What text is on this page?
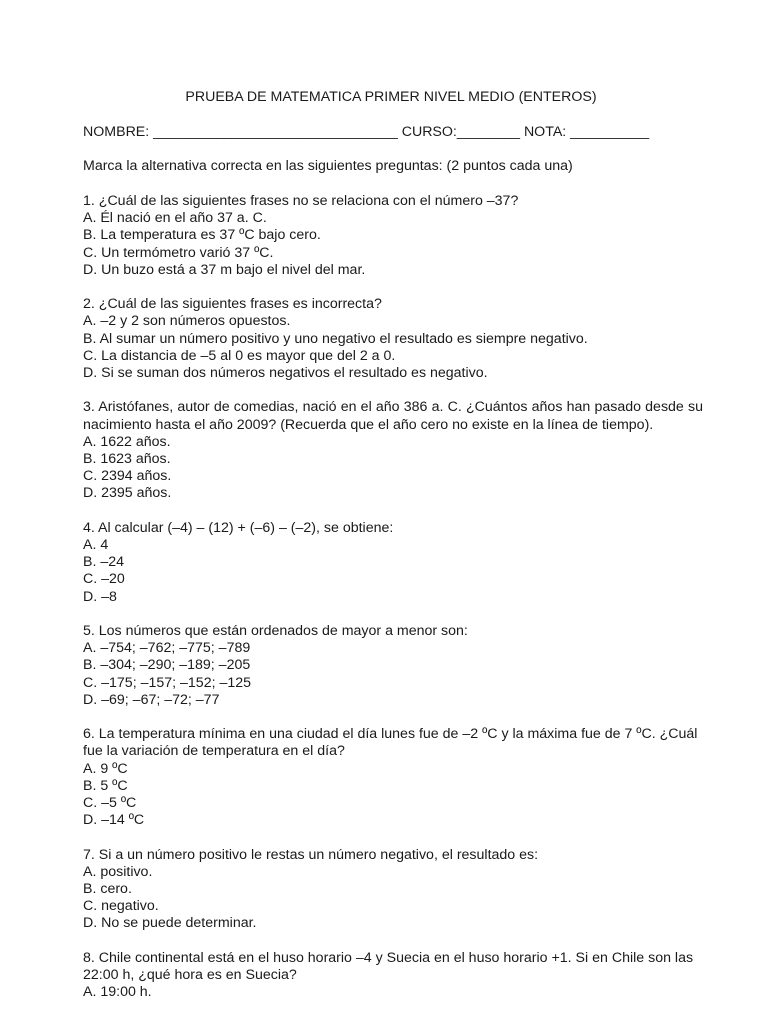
PRUEBA DE MATEMATICA PRIMER NIVEL MEDIO (ENTEROS)
NOMBRE: _______________________________ CURSO:________ NOTA: __________
Marca la alternativa correcta en las siguientes preguntas: (2 puntos cada una)

1. ¿Cuál de las siguientes frases no se relaciona con el número –37?

A. Él nació en el año 37 a. C.

B. La temperatura es 37 ºC bajo cero.

C. Un termómetro varió 37 ºC.

D. Un buzo está a 37 m bajo el nivel del mar.

2. ¿Cuál de las siguientes frases es incorrecta?

A. –2 y 2 son números opuestos.

B. Al sumar un número positivo y uno negativo el resultado es siempre negativo.

C. La distancia de –5 al 0 es mayor que del 2 a 0.

D. Si se suman dos números negativos el resultado es negativo.

3. Aristófanes, autor de comedias, nació en el año 386 a. C. ¿Cuántos años han pasado desde su nacimiento hasta el año 2009? (Recuerda que el año cero no existe en la línea de tiempo).

A. 1622 años.

B. 1623 años.

C. 2394 años.

D. 2395 años.

4. Al calcular (–4) – (12) + (–6) – (–2), se obtiene:

A. 4

B. –24

C. –20

D. –8

5. Los números que están ordenados de mayor a menor son:

A. –754; –762; –775; –789

B. –304; –290; –189; –205

C. –175; –157; –152; –125

D. –69; –67; –72; –77

6. La temperatura mínima en una ciudad el día lunes fue de –2 ºC y la máxima fue de 7 ºC. ¿Cuál fue la variación de temperatura en el día?

A. 9 ºC

B. 5 ºC

C. –5 ºC

D. –14 ºC

7. Si a un número positivo le restas un número negativo, el resultado es:

A. positivo.

B. cero.

C. negativo.

D. No se puede determinar.

8. Chile continental está en el huso horario –4 y Suecia en el huso horario +1. Si en Chile son las 22:00 h, ¿qué hora es en Suecia?

A. 19:00 h.
